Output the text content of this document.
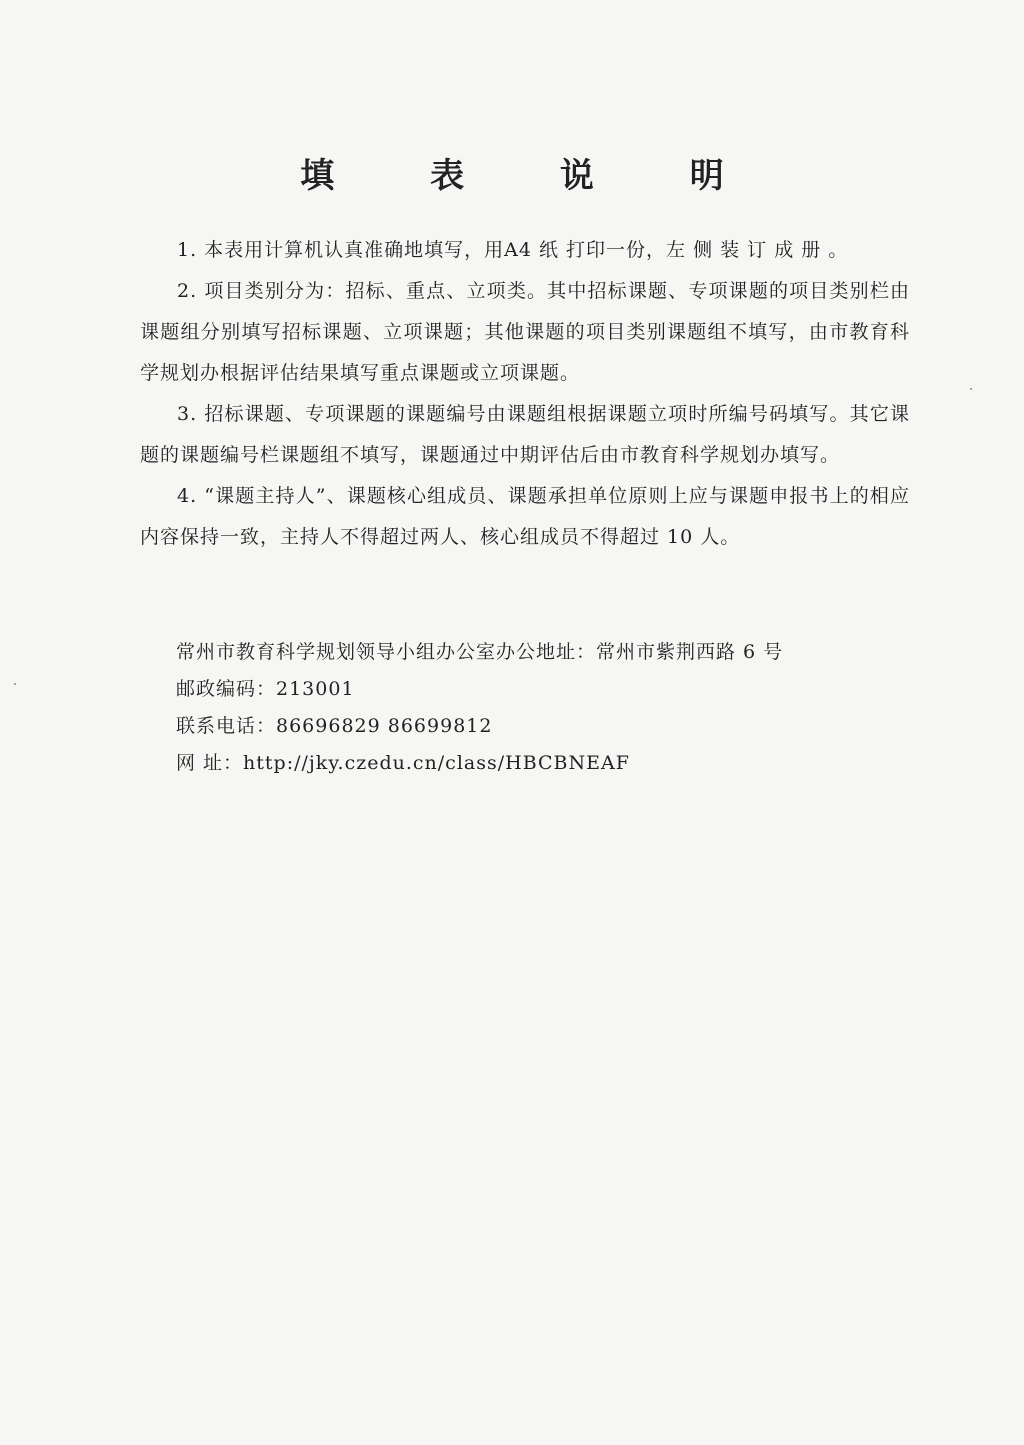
填 表 说 明

1. 本表用计算机认真准确地填写，用A4 纸 打印一份，左 侧 装 订 成 册 。

2. 项目类别分为：招标、重点、立项类。其中招标课题、专项课题的项目类别栏由课题组分别填写招标课题、立项课题；其他课题的项目类别课题组不填写，由市教育科学规划办根据评估结果填写重点课题或立项课题。

3. 招标课题、专项课题的课题编号由课题组根据课题立项时所编号码填写。其它课题的课题编号栏课题组不填写，课题通过中期评估后由市教育科学规划办填写。

4. “课题主持人”、课题核心组成员、课题承担单位原则上应与课题申报书上的相应内容保持一致，主持人不得超过两人、核心组成员不得超过 10 人。

常州市教育科学规划领导小组办公室办公地址：常州市紫荆西路 6 号
邮政编码：213001
联系电话：86696829 86699812
网 址：http://jky.czedu.cn/class/HBCBNEAF
